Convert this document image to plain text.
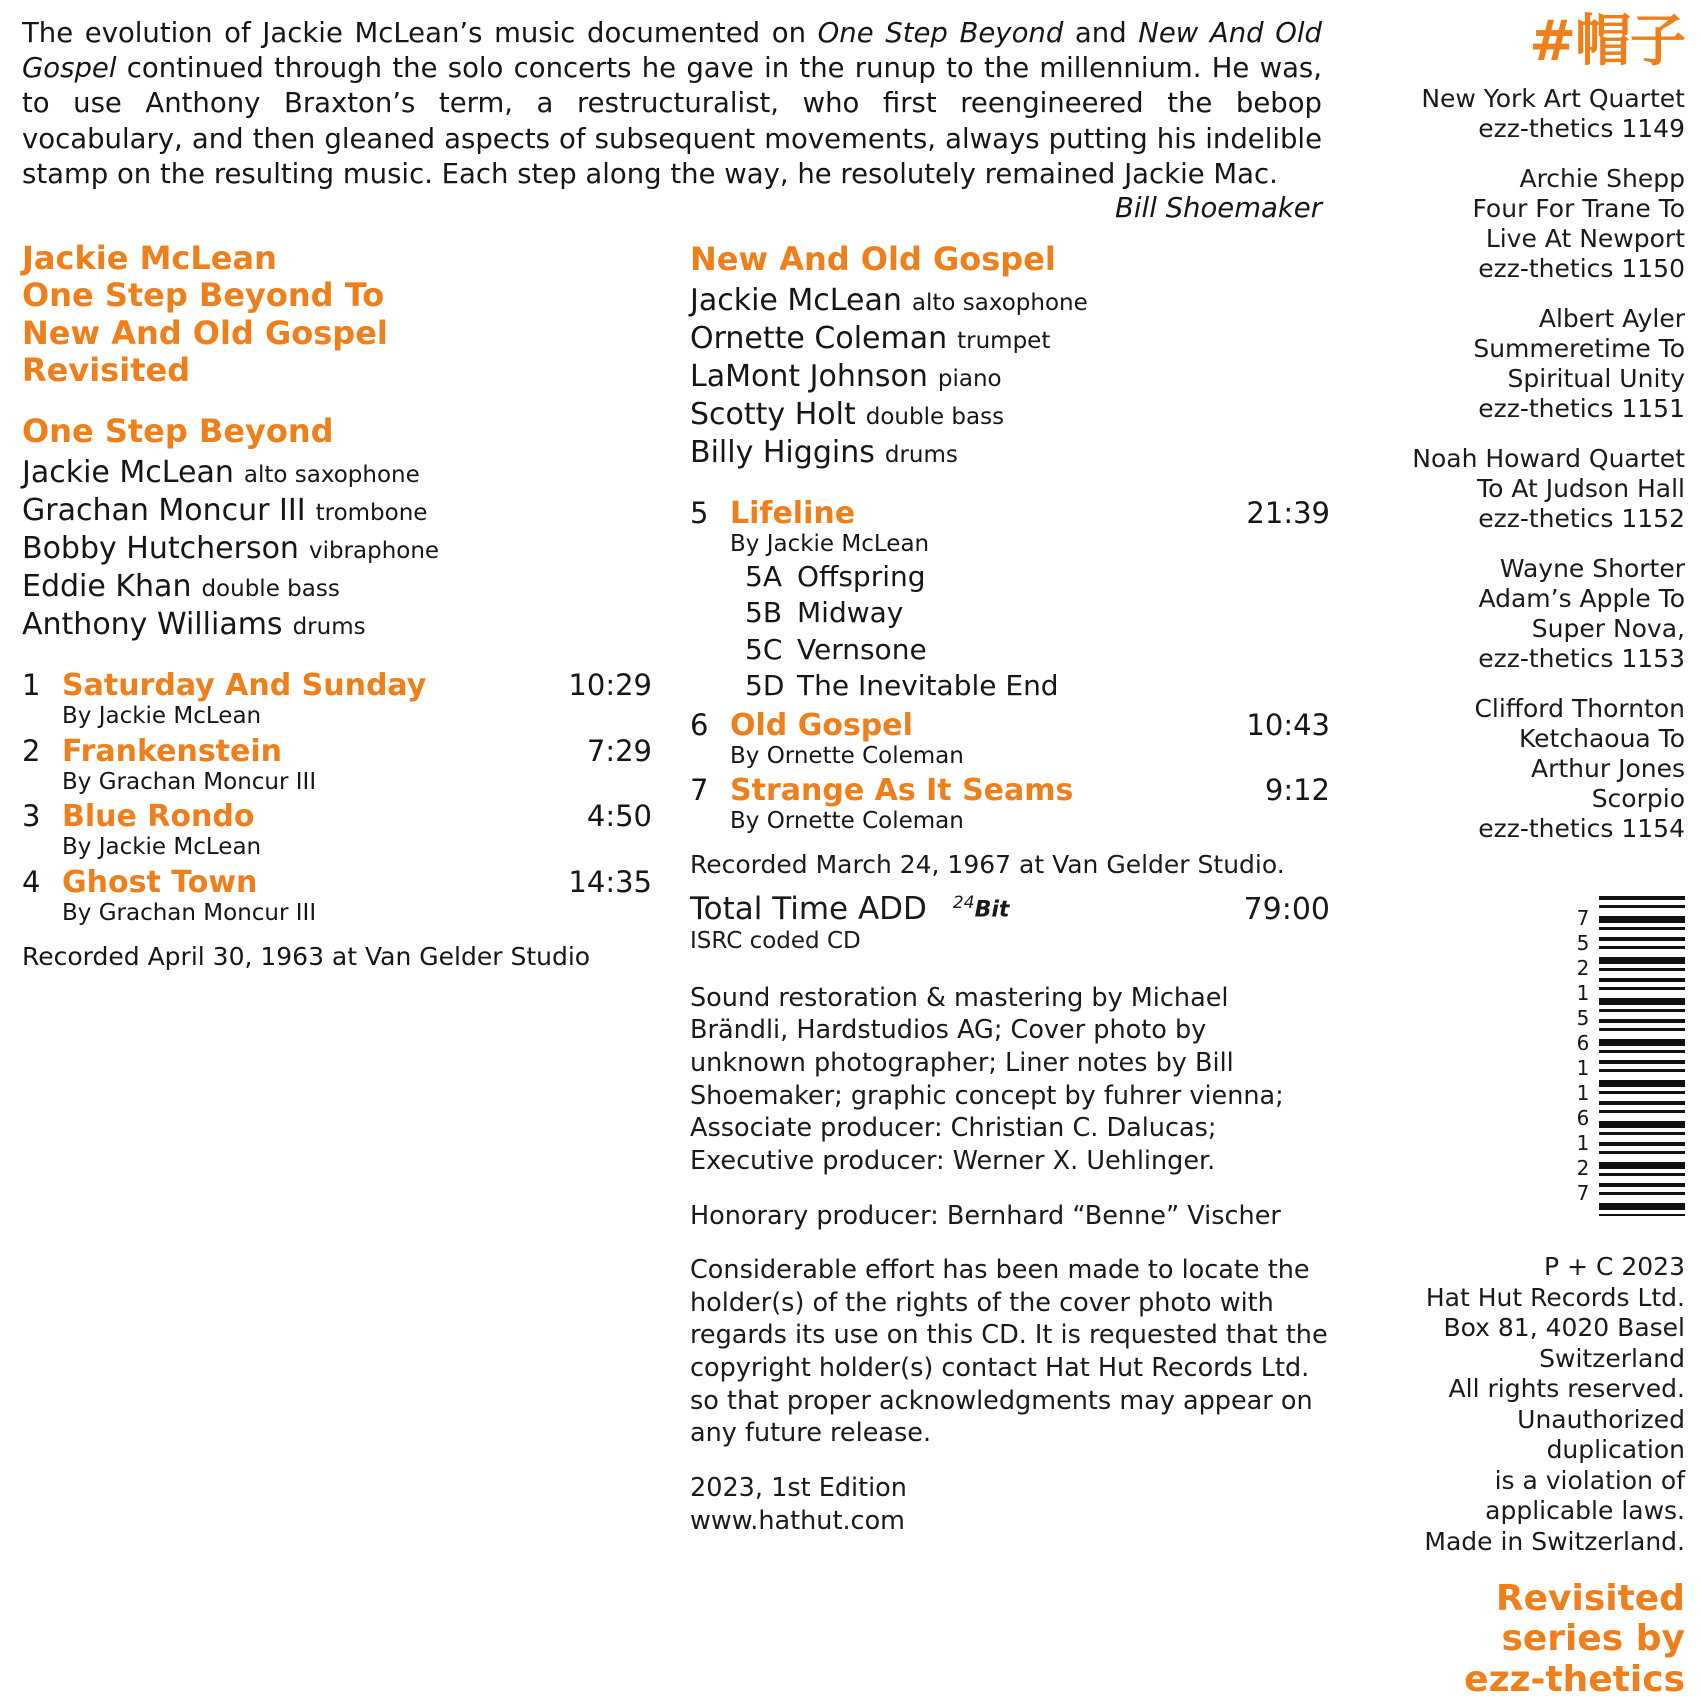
The evolution of Jackie McLean’s music documented on One Step Beyond and New And Old Gospel continued through the solo concerts he gave in the runup to the millennium. He was, to use Anthony Braxton’s term, a restructuralist, who first reengineered the bebop vocabulary, and then gleaned aspects of subsequent movements, always putting his indelible stamp on the resulting music. Each step along the way, he resolutely remained Jackie Mac.
Bill Shoemaker
Jackie McLean
One Step Beyond To
New And Old Gospel
Revisited
One Step Beyond
Jackie McLean alto saxophone
Grachan Moncur III trombone
Bobby Hutcherson vibraphone
Eddie Khan double bass
Anthony Williams drums
1 Saturday And Sunday	10:29
By Jackie McLean
2 Frankenstein	7:29
By Grachan Moncur III
3 Blue Rondo	4:50
By Jackie McLean
4 Ghost Town	14:35
By Grachan Moncur III
Recorded April 30, 1963 at Van Gelder Studio
New And Old Gospel
Jackie McLean alto saxophone
Ornette Coleman trumpet
LaMont Johnson piano
Scotty Holt double bass
Billy Higgins drums
5 Lifeline	21:39
By Jackie McLean
5A Offspring
5B Midway
5C Vernsone
5D The Inevitable End
6 Old Gospel	10:43
By Ornette Coleman
7 Strange As It Seams	9:12
By Ornette Coleman
Recorded March 24, 1967 at Van Gelder Studio.
Total Time ADD $^{24}$Bit	79:00
ISRC coded CD

Sound restoration & mastering by Michael Brändli, Hardstudios AG; Cover photo by unknown photographer; Liner notes by Bill Shoemaker; graphic concept by fuhrer vienna; Associate producer: Christian C. Dalucas; Executive producer: Werner X. Uehlinger.

Honorary producer: Bernhard “Benne” Vischer

Considerable effort has been made to locate the holder(s) of the rights of the cover photo with regards its use on this CD. It is requested that the copyright holder(s) contact Hat Hut Records Ltd. so that proper acknowledgments may appear on any future release.

2023, 1st Edition
www.hathut.com
#帽子
New York Art Quartet
ezz-thetics 1149
Archie Shepp
Four For Trane To
Live At Newport
ezz-thetics 1150
Albert Ayler
Summeretime To
Spiritual Unity
ezz-thetics 1151
Noah Howard Quartet
To At Judson Hall
ezz-thetics 1152
Wayne Shorter
Adam’s Apple To
Super Nova,
ezz-thetics 1153
Clifford Thornton
Ketchaoua To
Arthur Jones
Scorpio
ezz-thetics 1154
752156116127
P + C 2023
Hat Hut Records Ltd.
Box 81, 4020 Basel
Switzerland
All rights reserved.
Unauthorized duplication
is a violation of applicable laws.
Made in Switzerland.
Revisited series by
ezz-thetics
